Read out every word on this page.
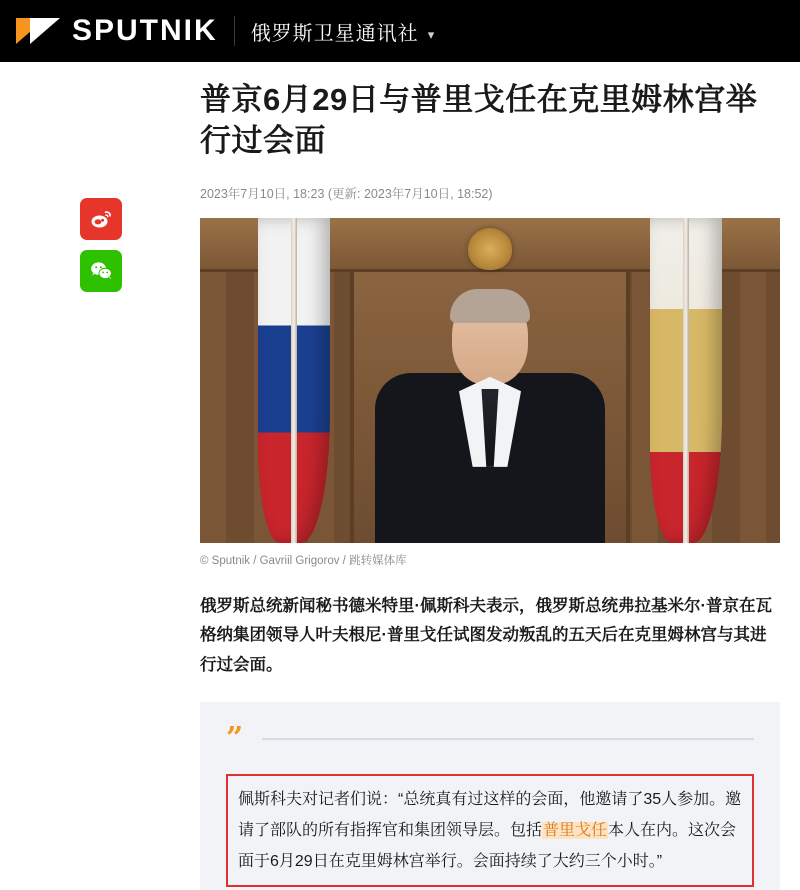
SPUTNIK 俄罗斯卫星通讯社 ▾
普京6月29日与普里戈任在克里姆林宫举行过会面
2023年7月10日, 18:23 (更新: 2023年7月10日, 18:52)
© Sputnik / Gavriil Grigorov / 跳转媒体库

俄罗斯总统新闻秘书德米特里·佩斯科夫表示，俄罗斯总统弗拉基米尔·普京在瓦格纳集团领导人叶夫根尼·普里戈任试图发动叛乱的五天后在克里姆林宫与其进行过会面。

”
佩斯科夫对记者们说：“总统真有过这样的会面，他邀请了35人参加。邀请了部队的所有指挥官和集团领导层。包括普里戈任本人在内。这次会面于6月29日在克里姆林宫举行。会面持续了大约三个小时。”
